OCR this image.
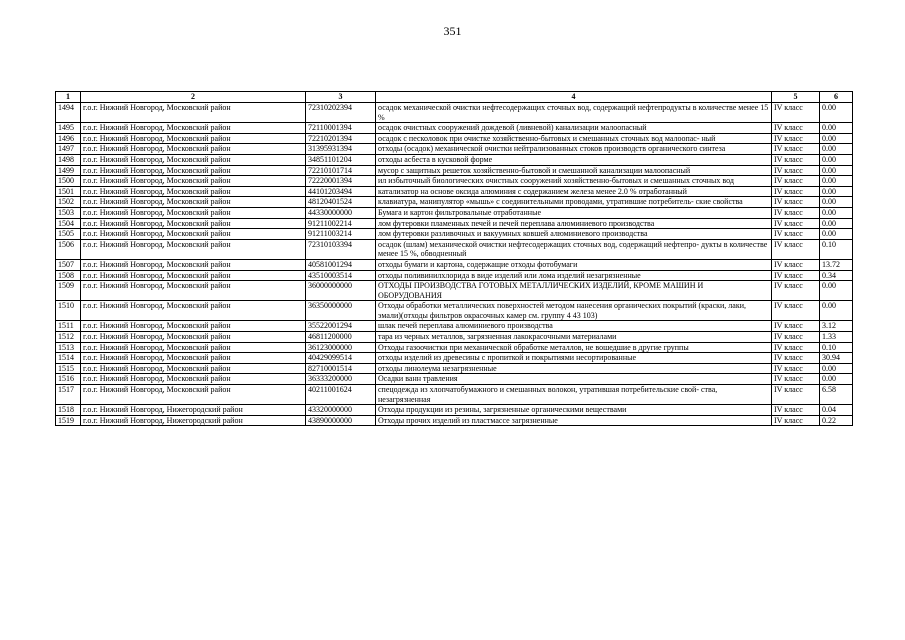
351
1	2	3	4	5	6
1494	г.о.г. Нижний Новгород, Московский район	72310202394	осадок механической очистки нефтесодержащих сточных вод, содержащий нефтепродукты в количестве менее 15 %	IV класс	0.00
1495	г.о.г. Нижний Новгород, Московский район	72110001394	осадок очистных сооружений дождевой (ливневой) канализации малоопасный	IV класс	0.00
1496	г.о.г. Нижний Новгород, Московский район	72210201394	осадок с песколовок при очистке хозяйственно-бытовых и смешанных сточных вод малоопас- ный	IV класс	0.00
1497	г.о.г. Нижний Новгород, Московский район	31395931394	отходы (осадок) механической очистки нейтрализованных стоков производств органического синтеза	IV класс	0.00
1498	г.о.г. Нижний Новгород, Московский район	34851101204	отходы асбеста в кусковой форме	IV класс	0.00
1499	г.о.г. Нижний Новгород, Московский район	72210101714	мусор с защитных решеток хозяйственно-бытовой и смешанной канализации малоопасный	IV класс	0.00
1500	г.о.г. Нижний Новгород, Московский район	72220001394	ил избыточный биологических очистных сооружений хозяйственно-бытовых и смешанных сточных вод	IV класс	0.00
1501	г.о.г. Нижний Новгород, Московский район	44101203494	катализатор на основе оксида алюминия с содержанием железа менее 2.0 % отработанный	IV класс	0.00
1502	г.о.г. Нижний Новгород, Московский район	48120401524	клавиатура, манипулятор «мышь» с соединительными проводами, утратившие потребитель- ские свойства	IV класс	0.00
1503	г.о.г. Нижний Новгород, Московский район	44330000000	Бумага и картон фильтровальные отработанные	IV класс	0.00
1504	г.о.г. Нижний Новгород, Московский район	91211002214	лом футеровки пламенных печей и печей переплава алюминиевого производства	IV класс	0.00
1505	г.о.г. Нижний Новгород, Московский район	91211003214	лом футеровки разливочных и вакуумных ковшей алюминиевого производства	IV класс	0.00
1506	г.о.г. Нижний Новгород, Московский район	72310103394	осадок (шлам) механической очистки нефтесодержащих сточных вод, содержащий нефтепро- дукты в количестве менее 15 %, обводненный	IV класс	0.10
1507	г.о.г. Нижний Новгород, Московский район	40581001294	отходы бумаги и картона, содержащие отходы фотобумаги	IV класс	13.72
1508	г.о.г. Нижний Новгород, Московский район	43510003514	отходы поливинилхлорида в виде изделий или лома изделий незагрязненные	IV класс	0.34
1509	г.о.г. Нижний Новгород, Московский район	36000000000	ОТХОДЫ ПРОИЗВОДСТВА ГОТОВЫХ МЕТАЛЛИЧЕСКИХ ИЗДЕЛИЙ, КРОМЕ МАШИН И ОБОРУДОВАНИЯ	IV класс	0.00
1510	г.о.г. Нижний Новгород, Московский район	36350000000	Отходы обработки металлических поверхностей методом нанесения органических покрытий (краски, лаки, эмали)(отходы фильтров окрасочных камер см. группу 4 43 103)	IV класс	0.00
1511	г.о.г. Нижний Новгород, Московский район	35522001294	шлак печей переплава алюминиевого производства	IV класс	3.12
1512	г.о.г. Нижний Новгород, Московский район	46811200000	тара из черных металлов, загрязненная лакокрасочными материалами	IV класс	1.33
1513	г.о.г. Нижний Новгород, Московский район	36123000000	Отходы газоочистки при механической обработке металлов, не вошедшие в другие группы	IV класс	0.10
1514	г.о.г. Нижний Новгород, Московский район	40429099514	отходы изделий из древесины с пропиткой и покрытиями несортированные	IV класс	30.94
1515	г.о.г. Нижний Новгород, Московский район	82710001514	отходы линолеума незагрязненные	IV класс	0.00
1516	г.о.г. Нижний Новгород, Московский район	36333200000	Осадки ванн травления	IV класс	0.00
1517	г.о.г. Нижний Новгород, Московский район	40211001624	спецодежда из хлопчатобумажного и смешанных волокон, утратившая потребительские свой- ства, незагрязненная	IV класс	6.58
1518	г.о.г. Нижний Новгород, Нижегородский район	43320000000	Отходы продукции из резины, загрязненные органическими веществами	IV класс	0.04
1519	г.о.г. Нижний Новгород, Нижегородский район	43890000000	Отходы прочих изделий из пластмассе загрязненные	IV класс	0.22
